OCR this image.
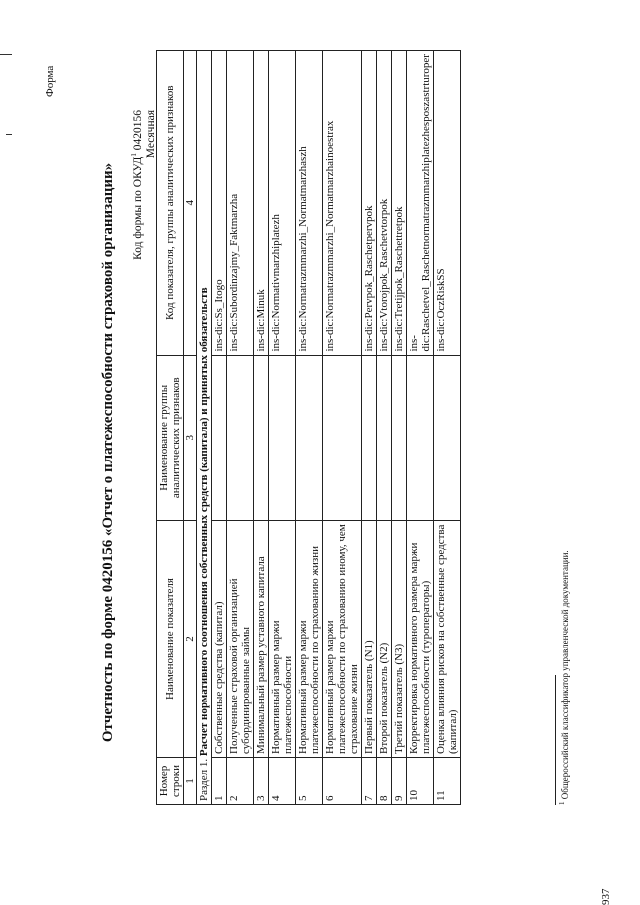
Форма
Отчетность по форме 0420156 «Отчет о платежеспособности страховой организации»	Код формы по ОКУД$^1$ 0420156 Месячная
Номер строки	Наименование показателя	Наименование группы аналитических признаков	Код показателя, группы аналитических признаков
1	2	3	4
Раздел 1. Расчет нормативного соотношения собственных средств (капитала) и принятых обязательств			
1	Собственные средства (капитал)		ins-dic:Ss_Itogo
2	Полученные страховой организацией субординированные займы		ins-dic:Subordinzajmy_Faktmarzha
3	Минимальный размер уставного капитала		ins-dic:Minuk
4	Нормативный размер маржи платежеспособности		ins-dic:Normativmarzhiplatezh
5	Нормативный размер маржи платежеспособности по страхованию жизни		ins-dic:Normatrazmmarzhi_Normatmarzhaszh
6	Нормативный размер маржи платежеспособности по страхованию иному, чем страхование жизни		ins-dic:Normatrazmmarzhi_Normatmarzhainoestrax
7	Первый показатель (N1)		ins-dic:Pervpok_Raschetpervpok
8	Второй показатель (N2)		ins-dic:Vtorojpok_Raschetvtorpok
9	Третий показатель (N3)		ins-dic:Tretijpok_Raschettretpok
10	Корректировка нормативного размера маржи платежеспособности (туроператоры)		ins-dic:Raschetvel_Raschetnormatrazmmarzhiplatezhesposzastrturoper
11	Оценка влияния рисков на собственные средства (капитал)		ins-dic:OczRiskSS
$^1$ Общероссийский классификатор управленческой документации.
937
